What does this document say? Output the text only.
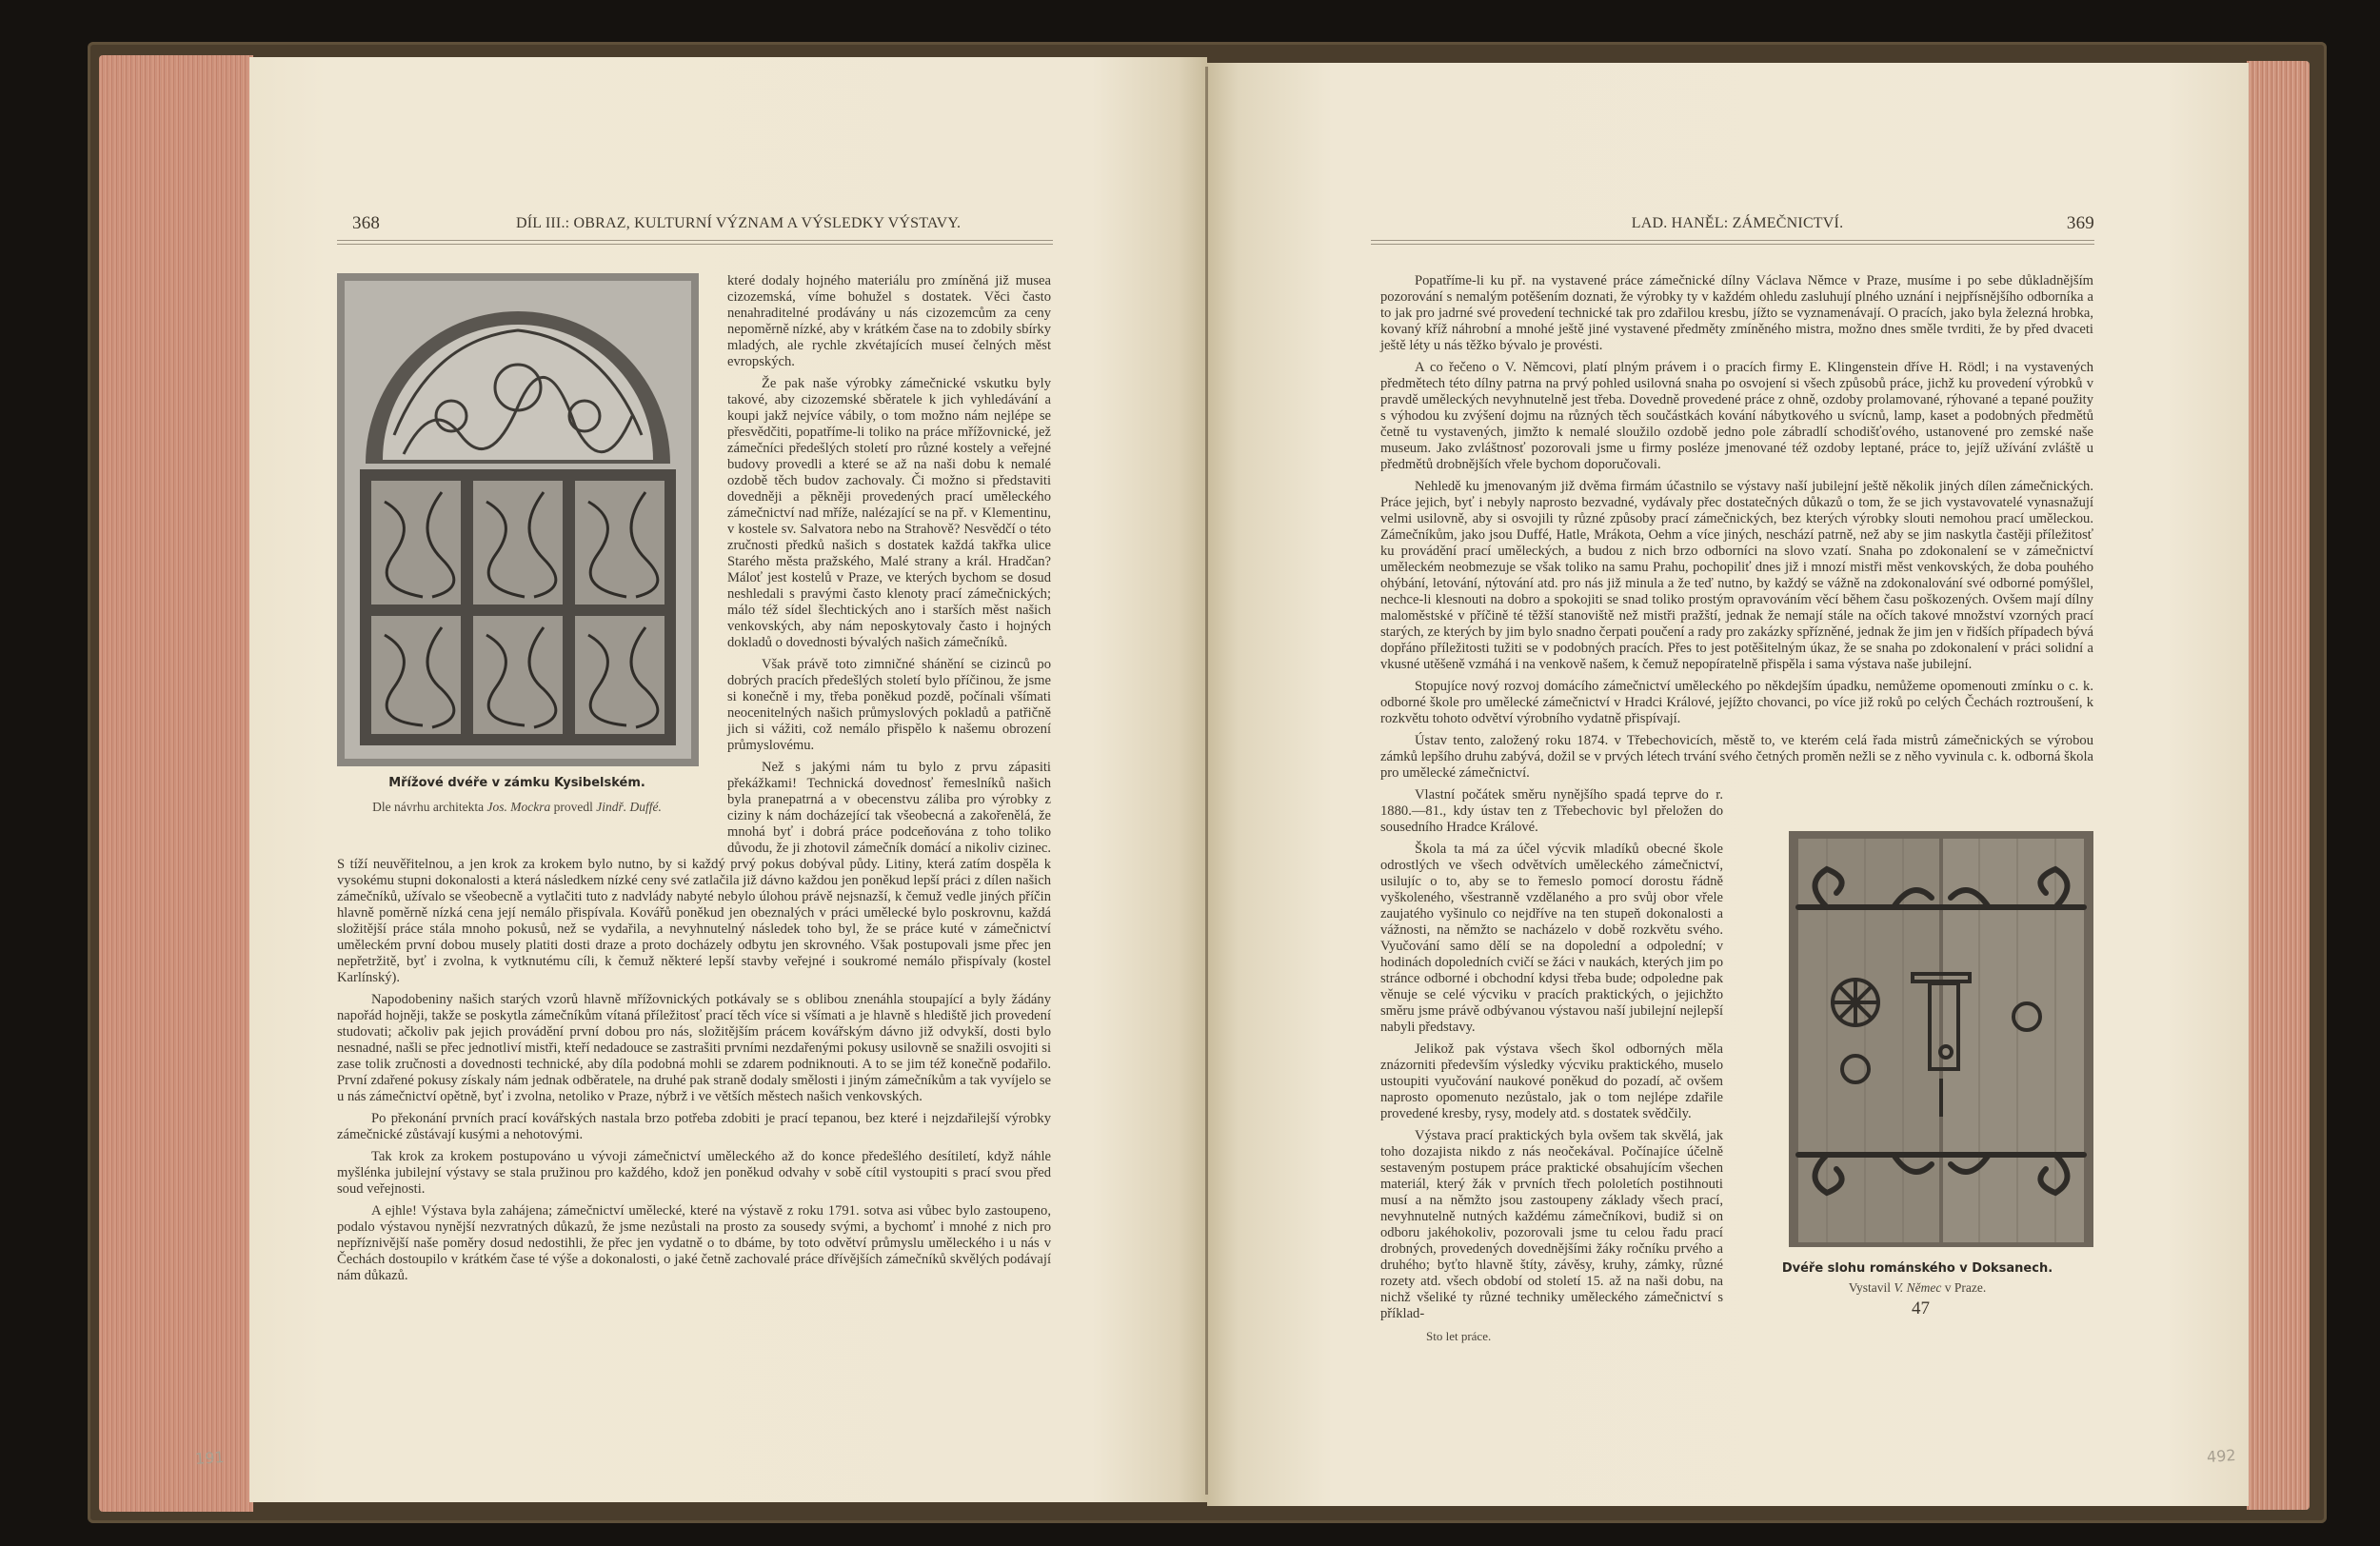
368	DÍL III.: OBRAZ, KULTURNÍ VÝZNAM A VÝSLEDKY VÝSTAVY.
Mřížové dvéře v zámku Kysibelském.
Dle návrhu architekta Jos. Mockra provedl Jindř. Duffé.

které dodaly hojného materiálu pro zmíněná již musea cizozemská, víme bohužel s dostatek. Věci často nenahraditelné prodávány u nás cizozemcům za ceny nepoměrně nízké, aby v krátkém čase na to zdobily sbírky mladých, ale rychle zkvétajících museí čelných měst evropských.

Že pak naše výrobky zámečnické vskutku byly takové, aby cizozemské sběratele k jich vyhledávání a koupi jakž nejvíce vábily, o tom možno nám nejlépe se přesvědčiti, popatříme-li toliko na práce mřížovnické, jež zámečníci předešlých století pro různé kostely a veřejné budovy provedli a které se až na naši dobu k nemalé ozdobě těch budov zachovaly. Či možno si představiti dovedněji a pěkněji provedených prací uměleckého zámečnictví nad mříže, nalézající se na př. v Klementinu, v kostele sv. Salvatora nebo na Strahově? Nesvědčí o této zručnosti předků našich s dostatek každá takřka ulice Starého města pražského, Malé strany a král. Hradčan? Máloť jest kostelů v Praze, ve kterých bychom se dosud neshledali s pravými často klenoty prací zámečnických; málo též sídel šlechtických ano i starších měst našich venkovských, aby nám neposkytovaly často i hojných dokladů o dovednosti bývalých našich zámečníků.

Však právě toto zimničné shánění se cizinců po dobrých pracích předešlých století bylo příčinou, že jsme si konečně i my, třeba poněkud pozdě, počínali všímati neocenitelných našich průmyslových pokladů a patřičně jich si vážiti, což nemálo přispělo k našemu obrození průmyslovému.

Než s jakými nám tu bylo z prvu zápasiti překážkami! Technická dovednosť řemeslníků našich byla pranepatrná a v obecenstvu záliba pro výrobky z ciziny k nám docházející tak všeobecná a zakořenělá, že mnohá byť i dobrá práce podceňována z toho toliko důvodu, že ji zhotovil zámečník domácí a nikoliv cizinec. S tíží neuvěřitelnou, a jen krok za krokem bylo nutno, by si každý prvý pokus dobýval půdy. Litiny, která zatím dospěla k vysokému stupni dokonalosti a která následkem nízké ceny své zatlačila již dávno každou jen poněkud lepší práci z dílen našich zámečníků, užívalo se všeobecně a vytlačiti tuto z nadvlády nabyté nebylo úlohou právě nejsnazší, k čemuž vedle jiných příčin hlavně poměrně nízká cena její nemálo přispívala. Kovářů poněkud jen obeznalých v práci umělecké bylo poskrovnu, každá složitější práce stála mnoho pokusů, než se vydařila, a nevyhnutelný následek toho byl, že se práce kuté v zámečnictví uměleckém první dobou musely platiti dosti draze a proto docházely odbytu jen skrovného. Však postupovali jsme přec jen nepřetržitě, byť i zvolna, k vytknutému cíli, k čemuž některé lepší stavby veřejné i soukromé nemálo přispívaly (kostel Karlínský).

Napodobeniny našich starých vzorů hlavně mřížovnických potkávaly se s oblibou znenáhla stoupající a byly žádány napořád hojněji, takže se poskytla zámečníkům vítaná příležitosť prací těch více si všímati a je hlavně s hlediště jich provedení studovati; ačkoliv pak jejich provádění první dobou pro nás, složitějším prácem kovářským dávno již odvykší, dosti bylo nesnadné, našli se přec jednotliví mistři, kteří nedadouce se zastrašiti prvními nezdařenými pokusy usilovně se snažili osvojiti si zase tolik zručnosti a dovednosti technické, aby díla podobná mohli se zdarem podniknouti. A to se jim též konečně podařilo. První zdařené pokusy získaly nám jednak odběratele, na druhé pak straně dodaly smělosti i jiným zámečníkům a tak vyvíjelo se u nás zámečnictví opětně, byť i zvolna, netoliko v Praze, nýbrž i ve větších městech našich venkovských.

Po překonání prvních prací kovářských nastala brzo potřeba zdobiti je prací tepanou, bez které i nejzdařilejší výrobky zámečnické zůstávají kusými a nehotovými.

Tak krok za krokem postupováno u vývoji zámečnictví uměleckého až do konce předešlého desítiletí, když náhle myšlénka jubilejní výstavy se stala pružinou pro každého, kdož jen poněkud odvahy v sobě cítil vystoupiti s prací svou před soud veřejnosti.

A ejhle! Výstava byla zahájena; zámečnictví umělecké, které na výstavě z roku 1791. sotva asi vůbec bylo zastoupeno, podalo výstavou nynější nezvratných důkazů, že jsme nezůstali na prosto za sousedy svými, a bychomť i mnohé z nich pro nepříznivější naše poměry dosud nedostihli, že přec jen vydatně o to dbáme, by toto odvětví průmyslu uměleckého i u nás v Čechách dostoupilo v krátkém čase té výše a dokonalosti, o jaké četně zachovalé práce dřívějších zámečníků skvělých podávají nám důkazů.

191
LAD. HANĚL: ZÁMEČNICTVÍ.	369
Dvéře slohu románského v Doksanech.
Vystavil V. Němec v Praze.
47

Popatříme-li ku př. na vystavené práce zámečnické dílny Václava Němce v Praze, musíme i po sebe důkladnějším pozorování s nemalým potěšením doznati, že výrobky ty v každém ohledu zasluhují plného uznání i nejpřísnějšího odborníka a to jak pro jadrné své provedení technické tak pro zdařilou kresbu, jížto se vyznamenávají. O pracích, jako byla železná hrobka, kovaný kříž náhrobní a mnohé ještě jiné vystavené předměty zmíněného mistra, možno dnes směle tvrditi, že by před dvaceti ještě léty u nás těžko bývalo je provésti.

A co řečeno o V. Němcovi, platí plným právem i o pracích firmy E. Klingenstein dříve H. Rödl; i na vystavených předmětech této dílny patrna na prvý pohled usilovná snaha po osvojení si všech způsobů práce, jichž ku provedení výrobků v pravdě uměleckých nevyhnutelně jest třeba. Dovedně provedené práce z ohně, ozdoby prolamované, rýhované a tepané použity s výhodou ku zvýšení dojmu na různých těch součástkách kování nábytkového u svícnů, lamp, kaset a podobných předmětů četně tu vystavených, jimžto k nemalé sloužilo ozdobě jedno pole zábradlí schodišťového, ustanovené pro zemské naše museum. Jako zvláštnosť pozorovali jsme u firmy posléze jmenované též ozdoby leptané, práce to, jejíž užívání zvláště u předmětů drobnějších vřele bychom doporučovali.

Nehledě ku jmenovaným již dvěma firmám účastnilo se výstavy naší jubilejní ještě několik jiných dílen zámečnických. Práce jejich, byť i nebyly naprosto bezvadné, vydávaly přec dostatečných důkazů o tom, že se jich vystavovatelé vynasnažují velmi usilovně, aby si osvojili ty různé způsoby prací zámečnických, bez kterých výrobky slouti nemohou prací uměleckou. Zámečníkům, jako jsou Duffé, Hatle, Mrákota, Oehm a více jiných, neschází patrně, než aby se jim naskytla častěji příležitosť ku provádění prací uměleckých, a budou z nich brzo odborníci na slovo vzatí. Snaha po zdokonalení se v zámečnictví uměleckém neobmezuje se však toliko na samu Prahu, pochopiliť dnes již i mnozí mistři měst venkovských, že doba pouhého ohýbání, letování, nýtování atd. pro nás již minula a že teď nutno, by každý se vážně na zdokonalování své odborné pomýšlel, nechce-li klesnouti na dobro a spokojiti se snad toliko prostým opravováním věcí během času poškozených. Ovšem mají dílny maloměstské v příčině té těžší stanoviště než mistři pražští, jednak že nemají stále na očích takové množství vzorných prací starých, ze kterých by jim bylo snadno čerpati poučení a rady pro zakázky spřízněné, jednak že jim jen v řidších případech bývá dopřáno příležitosti tužiti se v podobných pracích. Přes to jest potěšitelným úkaz, že se snaha po zdokonalení v práci solidní a vkusné utěšeně vzmáhá i na venkově našem, k čemuž nepopíratelně přispěla i sama výstava naše jubilejní.

Stopujíce nový rozvoj domácího zámečnictví uměleckého po někdejším úpadku, nemůžeme opomenouti zmínku o c. k. odborné škole pro umělecké zámečnictví v Hradci Králové, jejížto chovanci, po více již roků po celých Čechách roztroušení, k rozkvětu tohoto odvětví výrobního vydatně přispívají.

Ústav tento, založený roku 1874. v Třebechovicích, městě to, ve kterém celá řada mistrů zámečnických se výrobou zámků lepšího druhu zabývá, dožil se v prvých létech trvání svého četných proměn nežli se z něho vyvinula c. k. odborná škola pro umělecké zámečnictví.

Vlastní počátek směru nynějšího spadá teprve do r. 1880.—81., kdy ústav ten z Třebechovic byl přeložen do sousedního Hradce Králové.

Škola ta má za účel výcvik mladíků obecné škole odrostlých ve všech odvětvích uměleckého zámečnictví, usilujíc o to, aby se to řemeslo pomocí dorostu řádně vyškoleného, všestranně vzdělaného a pro svůj obor vřele zaujatého vyšinulo co nejdříve na ten stupeň dokonalosti a vážnosti, na němžto se nacházelo v době rozkvětu svého. Vyučování samo dělí se na dopolední a odpolední; v hodinách dopoledních cvičí se žáci v naukách, kterých jim po stránce odborné i obchodní kdysi třeba bude; odpoledne pak věnuje se celé výcviku v pracích praktických, o jejichžto směru jsme právě odbývanou výstavou naší jubilejní nejlepší nabyli představy.

Jelikož pak výstava všech škol odborných měla znázorniti především výsledky výcviku praktického, muselo ustoupiti vyučování naukové poněkud do pozadí, ač ovšem naprosto opomenuto nezůstalo, jak o tom nejlépe zdařile provedené kresby, rysy, modely atd. s dostatek svědčily.

Výstava prací praktických byla ovšem tak skvělá, jak toho dozajista nikdo z nás neočekával. Počínajíce účelně sestaveným postupem práce praktické obsahujícím všechen materiál, který žák v prvních třech pololetích postihnouti musí a na němžto jsou zastoupeny základy všech prací, nevyhnutelně nutných každému zámečníkovi, budiž si on odboru jakéhokoliv, pozorovali jsme tu celou řadu prací drobných, provedených dovednějšími žáky ročníku prvého a druhého; byťto hlavně štíty, závěsy, kruhy, zámky, různé rozety atd. všech období od století 15. až na naši dobu, na nichž všeliké ty různé techniky uměleckého zámečnictví s příklad-

Sto let práce.

492
